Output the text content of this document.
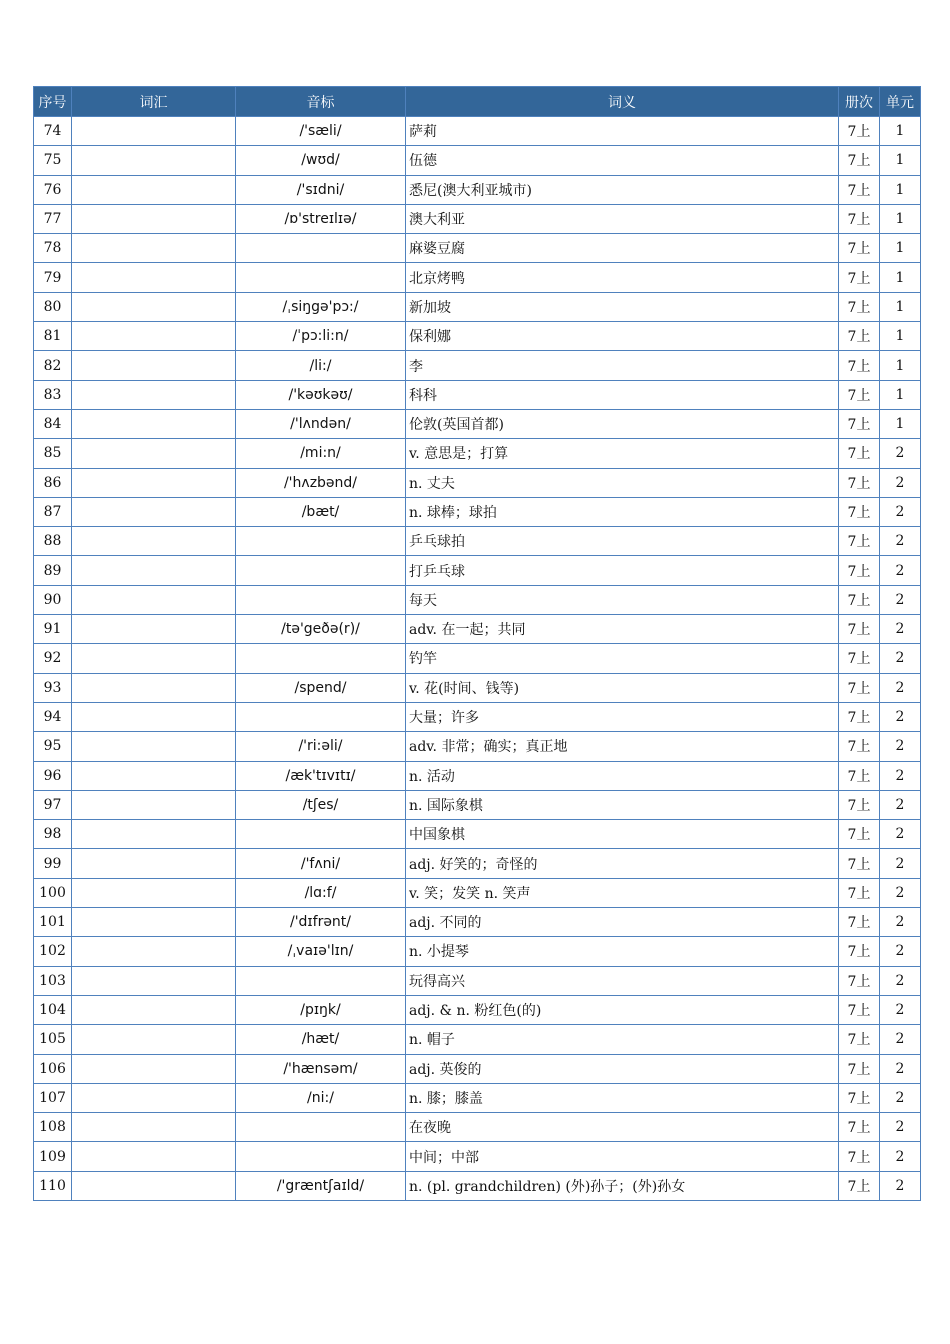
序号	词汇	音标	词义	册次	单元
74		/'sæli/	萨莉	7上	1
75		/wʊd/	伍德	7上	1
76		/'sɪdni/	悉尼(澳大利亚城市)	7上	1
77		/ɒ'streɪlɪə/	澳大利亚	7上	1
78			麻婆豆腐	7上	1
79			北京烤鸭	7上	1
80		/ˌsiŋgə'pɔ:/	新加坡	7上	1
81		/ˈpɔ:li:n/	保利娜	7上	1
82		/li:/	李	7上	1
83		/'kəʊkəʊ/	科科	7上	1
84		/'lʌndən/	伦敦(英国首都)	7上	1
85		/mi:n/	v. 意思是；打算	7上	2
86		/'hʌzbənd/	n. 丈夫	7上	2
87		/bæt/	n. 球棒；球拍	7上	2
88			乒乓球拍	7上	2
89			打乒乓球	7上	2
90			每天	7上	2
91		/tə'geðə(r)/	adv. 在一起；共同	7上	2
92			钓竿	7上	2
93		/spend/	v. 花(时间、钱等)	7上	2
94			大量；许多	7上	2
95		/'ri:əli/	adv. 非常；确实；真正地	7上	2
96		/æk'tɪvɪtɪ/	n. 活动	7上	2
97		/tʃes/	n. 国际象棋	7上	2
98			中国象棋	7上	2
99		/'fʌni/	adj. 好笑的；奇怪的	7上	2
100		/lɑ:f/	v. 笑；发笑 n. 笑声	7上	2
101		/'dɪfrənt/	adj. 不同的	7上	2
102		/ˌvaɪə'lɪn/	n. 小提琴	7上	2
103			玩得高兴	7上	2
104		/pɪŋk/	adj. & n. 粉红色(的)	7上	2
105		/hæt/	n. 帽子	7上	2
106		/'hænsəm/	adj. 英俊的	7上	2
107		/ni:/	n. 膝；膝盖	7上	2
108			在夜晚	7上	2
109			中间；中部	7上	2
110		/'græntʃaɪld/	n. (pl. grandchildren) (外)孙子；(外)孙女	7上	2
